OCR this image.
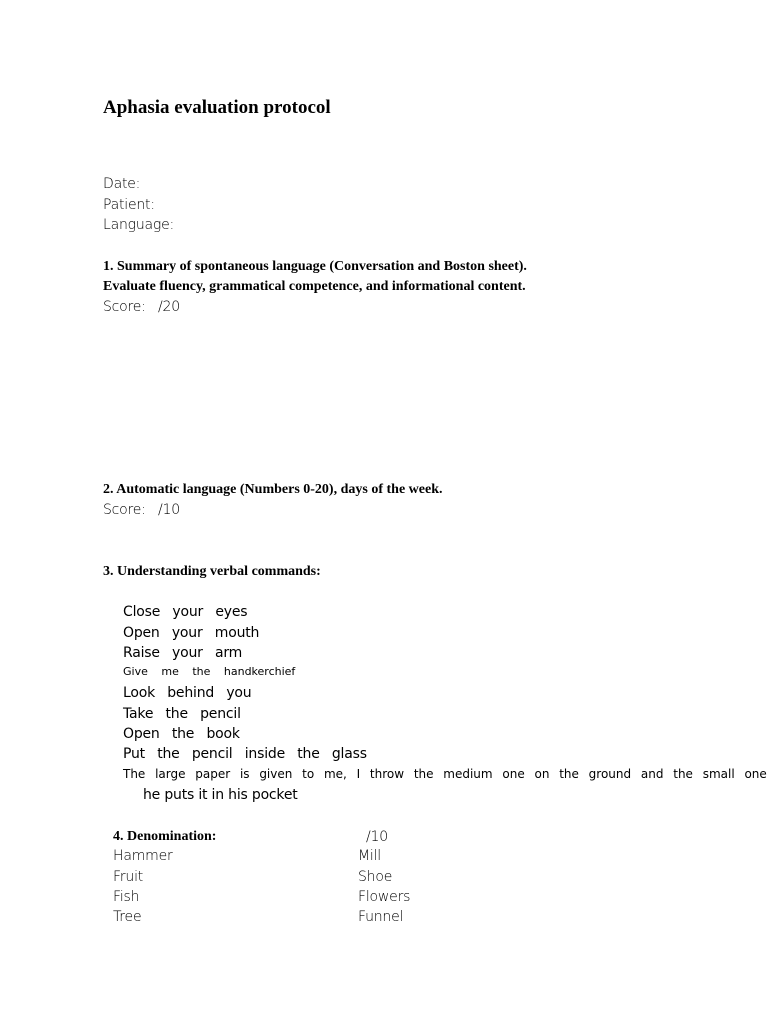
Aphasia evaluation protocol
Date:
Patient:
Language:
1. Summary of spontaneous language (Conversation and Boston sheet).
Evaluate fluency, grammatical competence, and informational content.
Score: /20
2. Automatic language (Numbers 0-20), days of the week.
Score: /10
3. Understanding verbal commands:
Close your eyes
Open your mouth
Raise your arm
Give me the handkerchief
Look behind you
Take the pencil
Open the book
Put the pencil inside the glass
The large paper is given to me, I throw the medium one on the ground and the small one
he puts it in his pocket
4. Denomination:	/10
Hammer
Fruit
Fish
Tree
Mill
Shoe
Flowers
Funnel
